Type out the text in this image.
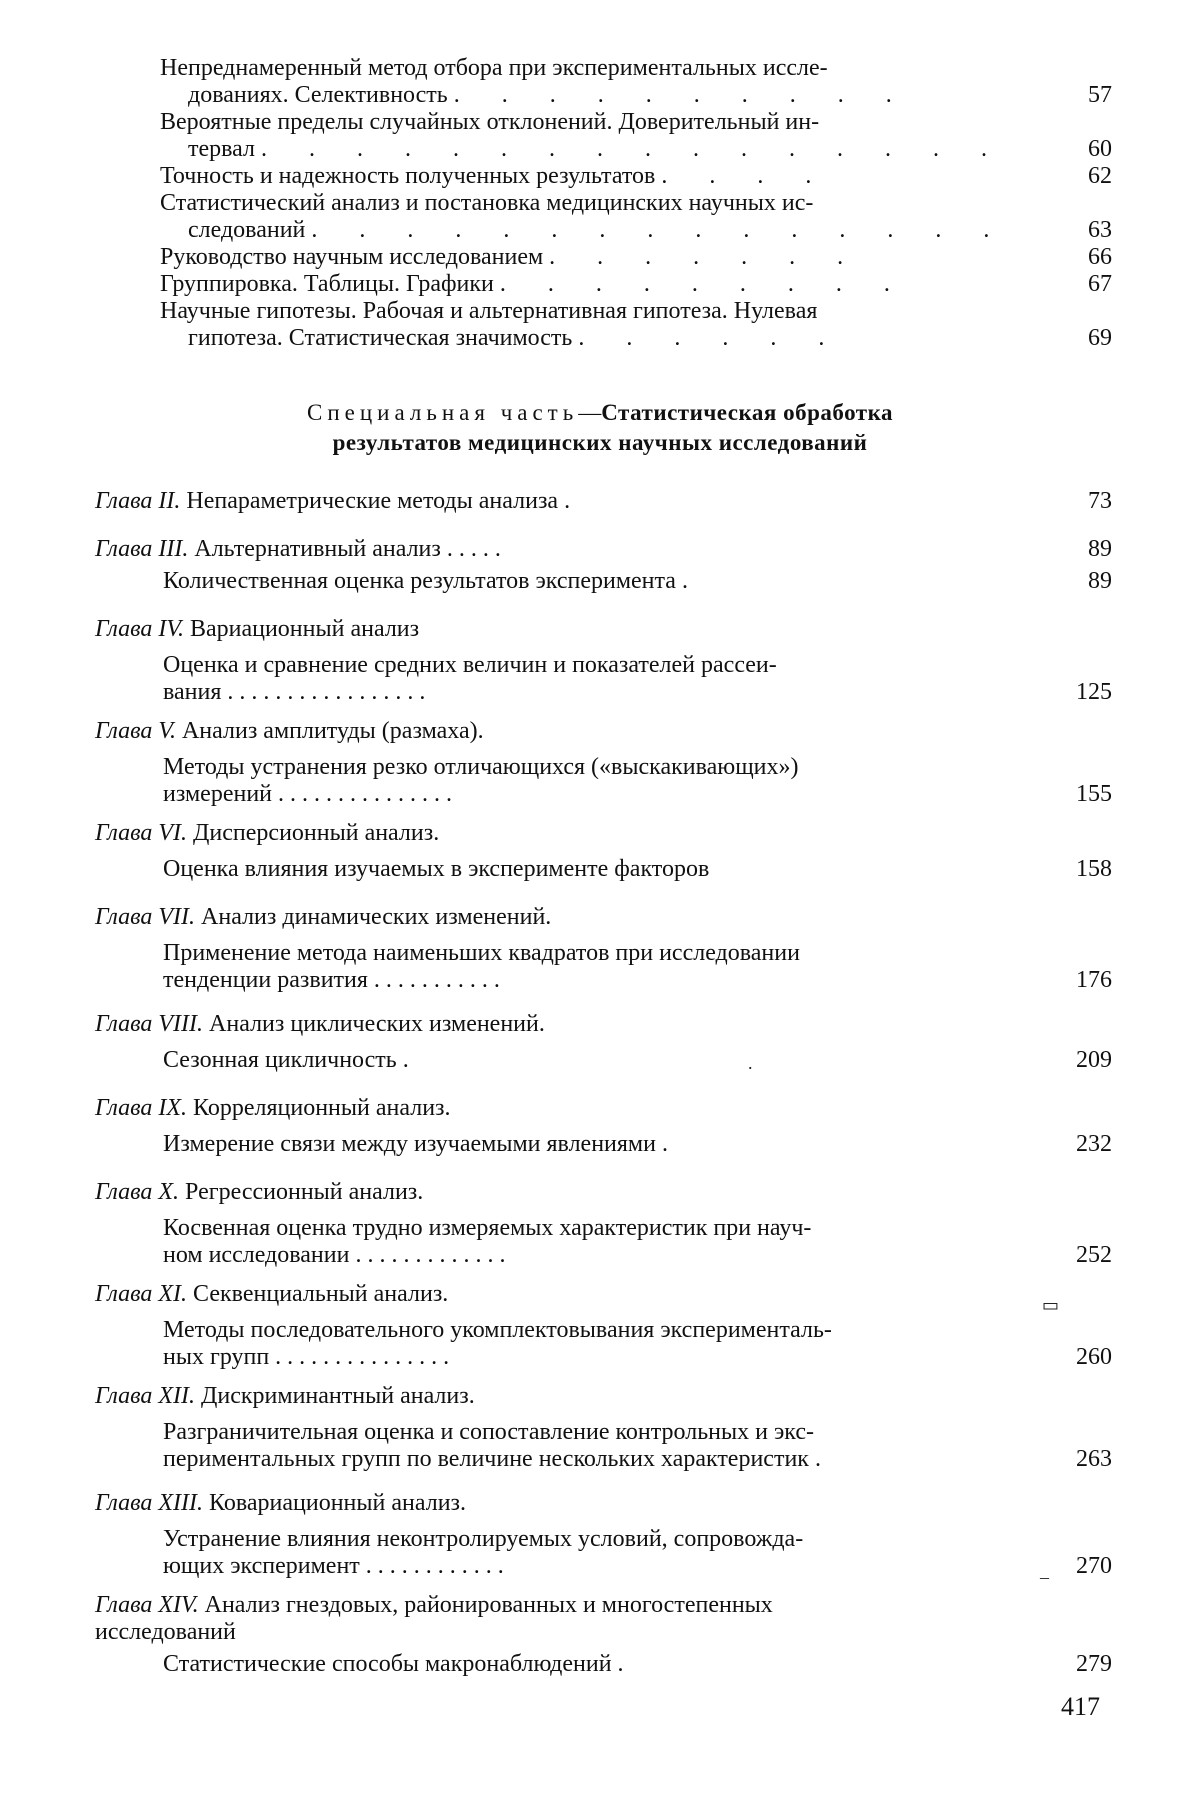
Непреднамеренный метод отбора при экспериментальных иссле-
дованиях. Селективность . . . . . . . . . .	57
Вероятные пределы случайных отклонений. Доверительный ин-
тервал . . . . . . . . . . . . . . . .	60
Точность и надежность полученных результатов . . . .	62
Статистический анализ и постановка медицинских научных ис-
следований . . . . . . . . . . . . . . .	63
Руководство научным исследованием . . . . . . .	66
Группировка. Таблицы. Графики . . . . . . . . .	67
Научные гипотезы. Рабочая и альтернативная гипотеза. Нулевая
гипотеза. Статистическая значимость . . . . . .	69
Специальная часть—Статистическая обработка
результатов медицинских научных исследований
Глава II. Непараметрические методы анализа .	73
Глава III. Альтернативный анализ . . . . .	89
Количественная оценка результатов эксперимента .	89
Глава IV. Вариационный анализ
Оценка и сравнение средних величин и показателей рассеи-
вания . . . . . . . . . . . . . . . . .	125
Глава V. Анализ амплитуды (размаха).
Методы устранения резко отличающихся («выскакивающих»)
измерений . . . . . . . . . . . . . . .	155
Глава VI. Дисперсионный анализ.
Оценка влияния изучаемых в эксперименте факторов	158
Глава VII. Анализ динамических изменений.
Применение метода наименьших квадратов при исследовании
тенденции развития . . . . . . . . . . .	176
Глава VIII. Анализ циклических изменений.
Сезонная цикличность .	.	209
Глава IX. Корреляционный анализ.
Измерение связи между изучаемыми явлениями .	232
Глава X. Регрессионный анализ.
Косвенная оценка трудно измеряемых характеристик при науч-
ном исследовании . . . . . . . . . . . . .	252
Глава XI. Секвенциальный анализ.	▭
Методы последовательного укомплектовывания эксперименталь-
ных групп . . . . . . . . . . . . . . .	260
Глава XII. Дискриминантный анализ.
Разграничительная оценка и сопоставление контрольных и экс-
периментальных групп по величине нескольких характеристик .	263
Глава XIII. Ковариационный анализ.
Устранение влияния неконтролируемых условий, сопровожда-
ющих эксперимент . . . . . . . . . . . .	270
–
Глава XIV. Анализ гнездовых, районированных и многостепенных
исследований
Статистические способы макронаблюдений .	279
417
